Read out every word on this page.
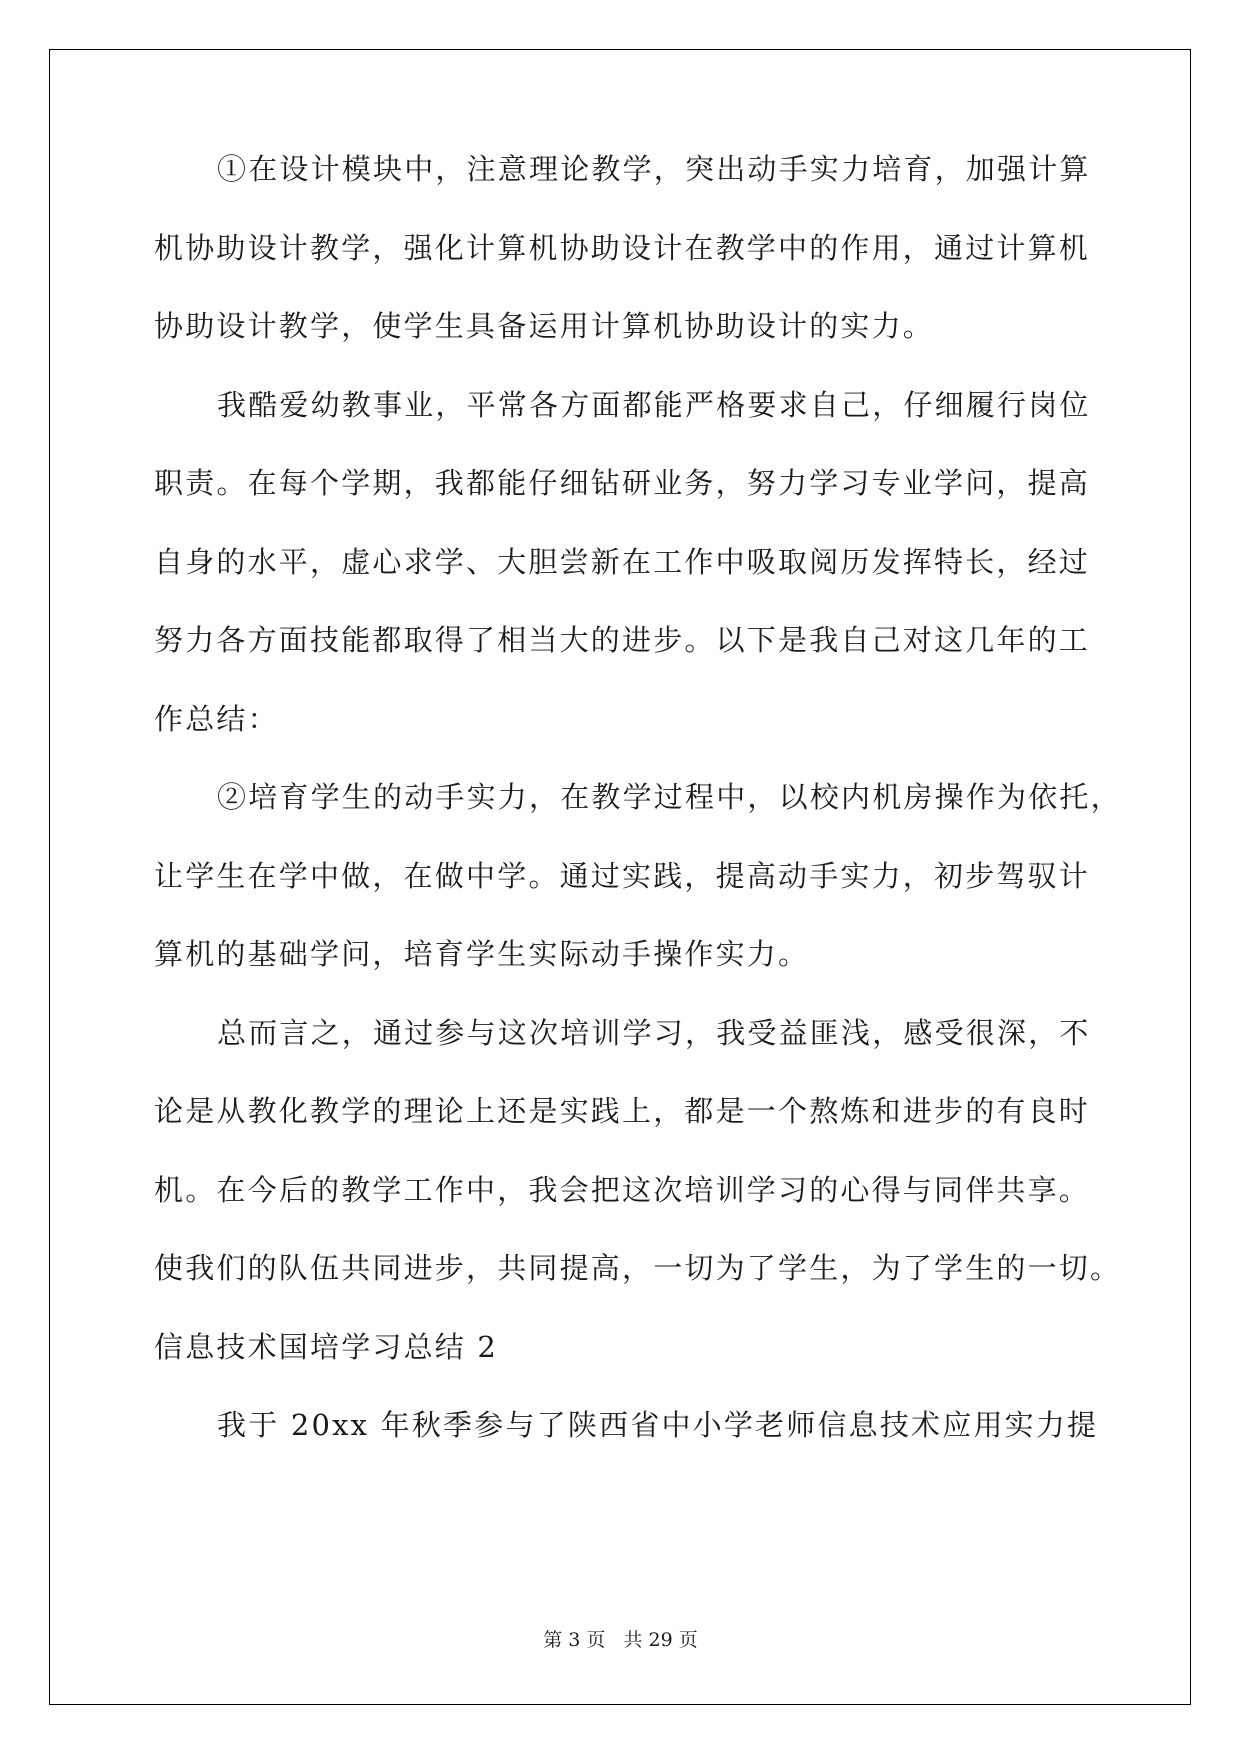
①在设计模块中，注意理论教学，突出动手实力培育，加强计算
机协助设计教学，强化计算机协助设计在教学中的作用，通过计算机
协助设计教学，使学生具备运用计算机协助设计的实力。
我酷爱幼教事业，平常各方面都能严格要求自己，仔细履行岗位
职责。在每个学期，我都能仔细钻研业务，努力学习专业学问，提高
自身的水平，虚心求学、大胆尝新在工作中吸取阅历发挥特长，经过
努力各方面技能都取得了相当大的进步。以下是我自己对这几年的工
作总结：
②培育学生的动手实力，在教学过程中，以校内机房操作为依托，
让学生在学中做，在做中学。通过实践，提高动手实力，初步驾驭计
算机的基础学问，培育学生实际动手操作实力。
总而言之，通过参与这次培训学习，我受益匪浅，感受很深，不
论是从教化教学的理论上还是实践上，都是一个熬炼和进步的有良时
机。在今后的教学工作中，我会把这次培训学习的心得与同伴共享。
使我们的队伍共同进步，共同提高，一切为了学生，为了学生的一切。
信息技术国培学习总结 2
我于 20xx 年秋季参与了陕西省中小学老师信息技术应用实力提
第 3 页   共 29 页
